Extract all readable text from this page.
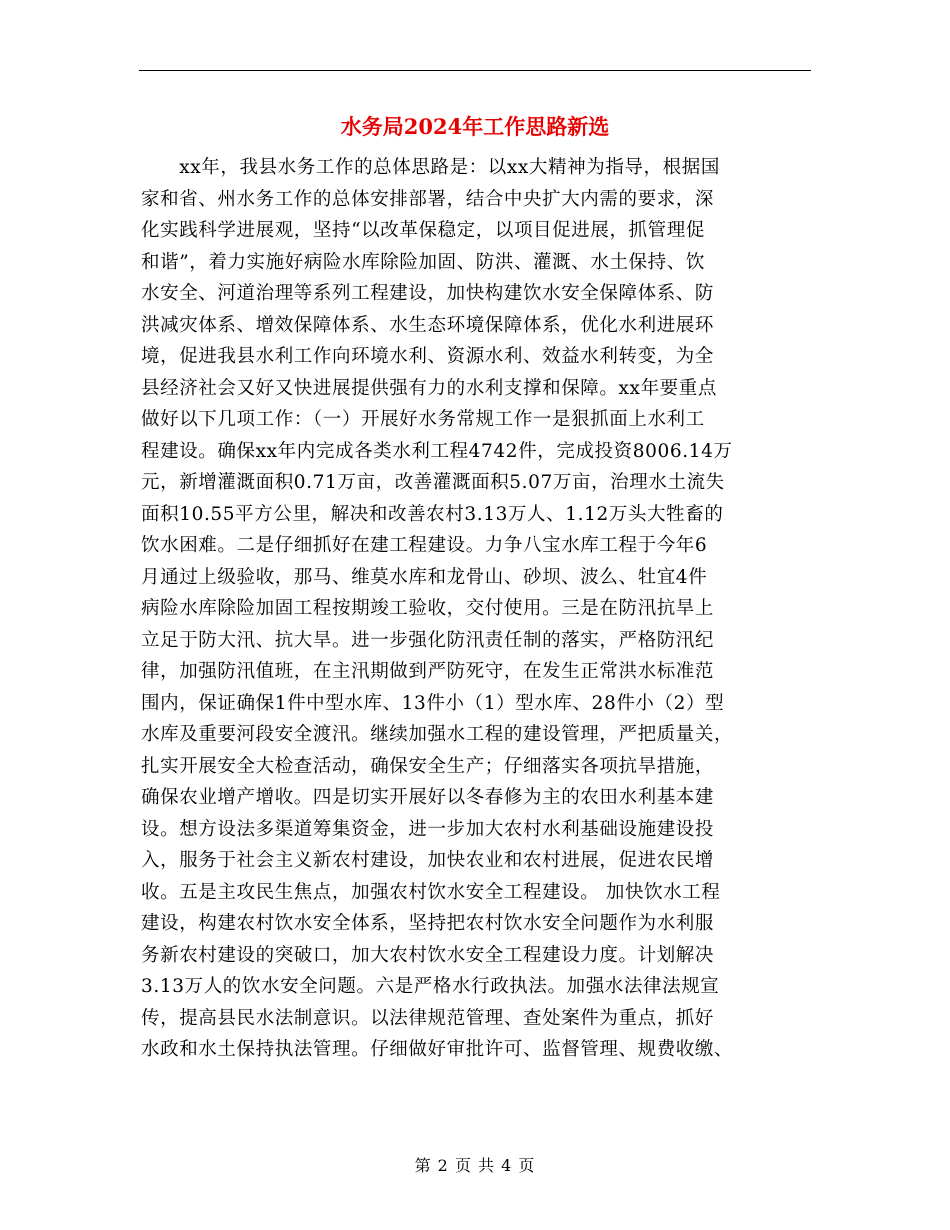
水务局2024年工作思路新选
　　xx年，我县水务工作的总体思路是：以xx大精神为指导，根据国
家和省、州水务工作的总体安排部署，结合中央扩大内需的要求，深
化实践科学进展观，坚持“以改革保稳定，以项目促进展，抓管理促
和谐”，着力实施好病险水库除险加固、防洪、灌溉、水土保持、饮
水安全、河道治理等系列工程建设，加快构建饮水安全保障体系、防
洪减灾体系、增效保障体系、水生态环境保障体系，优化水利进展环
境，促进我县水利工作向环境水利、资源水利、效益水利转变，为全
县经济社会又好又快进展提供强有力的水利支撑和保障。xx年要重点
做好以下几项工作：（一）开展好水务常规工作一是狠抓面上水利工
程建设。确保xx年内完成各类水利工程4742件，完成投资8006.14万
元，新增灌溉面积0.71万亩，改善灌溉面积5.07万亩，治理水土流失
面积10.55平方公里，解决和改善农村3.13万人、1.12万头大牲畜的
饮水困难。二是仔细抓好在建工程建设。力争八宝水库工程于今年6
月通过上级验收，那马、维莫水库和龙骨山、砂坝、波么、牡宜4件
病险水库除险加固工程按期竣工验收，交付使用。三是在防汛抗旱上
立足于防大汛、抗大旱。进一步强化防汛责任制的落实，严格防汛纪
律，加强防汛值班，在主汛期做到严防死守，在发生正常洪水标准范
围内，保证确保1件中型水库、13件小（1）型水库、28件小（2）型
水库及重要河段安全渡汛。继续加强水工程的建设管理，严把质量关，
扎实开展安全大检查活动，确保安全生产；仔细落实各项抗旱措施，
确保农业增产增收。四是切实开展好以冬春修为主的农田水利基本建
设。想方设法多渠道筹集资金，进一步加大农村水利基础设施建设投
入，服务于社会主义新农村建设，加快农业和农村进展，促进农民增
收。五是主攻民生焦点，加强农村饮水安全工程建设。 加快饮水工程
建设，构建农村饮水安全体系，坚持把农村饮水安全问题作为水利服
务新农村建设的突破口，加大农村饮水安全工程建设力度。计划解决
3.13万人的饮水安全问题。六是严格水行政执法。加强水法律法规宣
传，提高县民水法制意识。以法律规范管理、查处案件为重点，抓好
水政和水土保持执法管理。仔细做好审批许可、监督管理、规费收缴、
第 2 页 共 4 页
